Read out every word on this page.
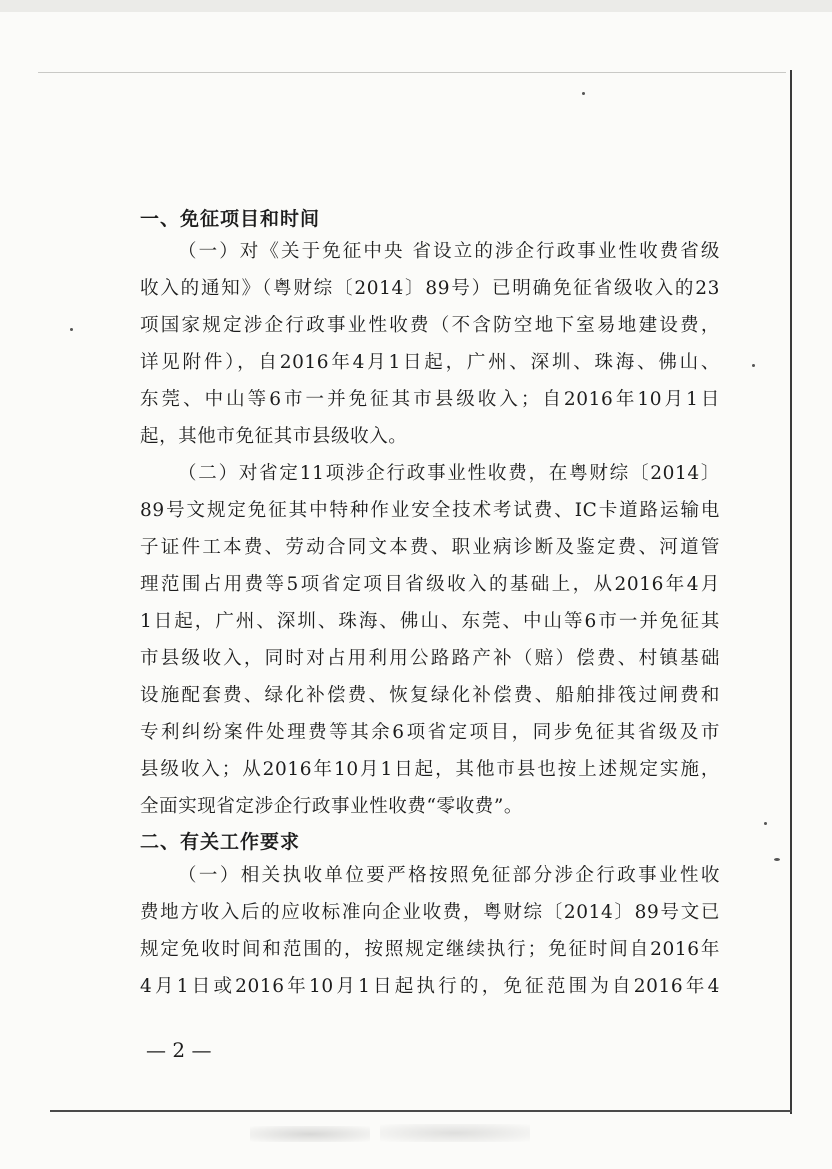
一、免征项目和时间
（一）对《关于免征中央 省设立的涉企行政事业性收费省级
收入的通知》（粤财综〔2014〕89号）已明确免征省级收入的23
项国家规定涉企行政事业性收费（不含防空地下室易地建设费，
详见附件），自2016年4月1日起，广州、深圳、珠海、佛山、
东莞、中山等6市一并免征其市县级收入；自2016年10月1日
起，其他市免征其市县级收入。
（二）对省定11项涉企行政事业性收费，在粤财综〔2014〕
89号文规定免征其中特种作业安全技术考试费、IC卡道路运输电
子证件工本费、劳动合同文本费、职业病诊断及鉴定费、河道管
理范围占用费等5项省定项目省级收入的基础上，从2016年4月
1日起，广州、深圳、珠海、佛山、东莞、中山等6市一并免征其
市县级收入，同时对占用利用公路路产补（赔）偿费、村镇基础
设施配套费、绿化补偿费、恢复绿化补偿费、船舶排筏过闸费和
专利纠纷案件处理费等其余6项省定项目，同步免征其省级及市
县级收入；从2016年10月1日起，其他市县也按上述规定实施，
全面实现省定涉企行政事业性收费“零收费”。
二、有关工作要求
（一）相关执收单位要严格按照免征部分涉企行政事业性收
费地方收入后的应收标准向企业收费，粤财综〔2014〕89号文已
规定免收时间和范围的，按照规定继续执行；免征时间自2016年
4月1日或2016年10月1日起执行的，免征范围为自2016年4
— 2 —
